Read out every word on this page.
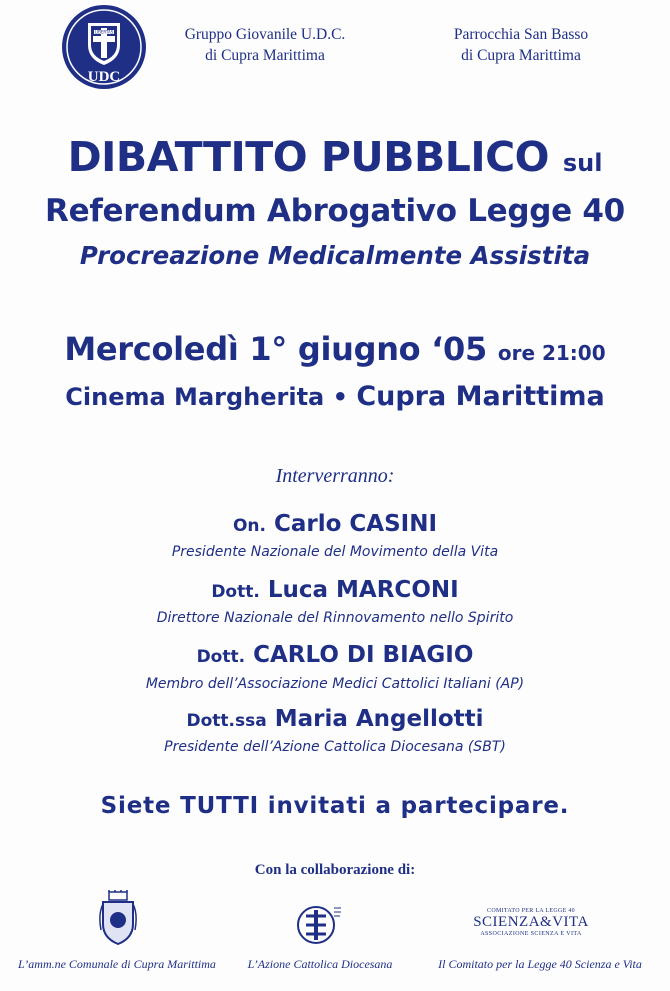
LIBERTAS
UDC
Gruppo Giovanile U.D.C.
di Cupra Marittima
Parrocchia San Basso
di Cupra Marittima
DIBATTITO PUBBLICO sul
Referendum Abrogativo Legge 40
Procreazione Medicalmente Assistita
Mercoledì 1° giugno ‘05 ore 21:00
Cinema Margherita • Cupra Marittima
Interverranno:
On. Carlo CASINI
Presidente Nazionale del Movimento della Vita
Dott. Luca MARCONI
Direttore Nazionale del Rinnovamento nello Spirito
Dott. CARLO DI BIAGIO
Membro dell’Associazione Medici Cattolici Italiani (AP)
Dott.ssa Maria Angellotti
Presidente dell’Azione Cattolica Diocesana (SBT)
Siete TUTTI invitati a partecipare.
Con la collaborazione di:
COMITATO PER LA LEGGE 40
SCIENZA&VITA
ASSOCIAZIONE SCIENZA E VITA
L’amm.ne Comunale di Cupra Marittima	L’Azione Cattolica Diocesana	Il Comitato per la Legge 40 Scienza e Vita
